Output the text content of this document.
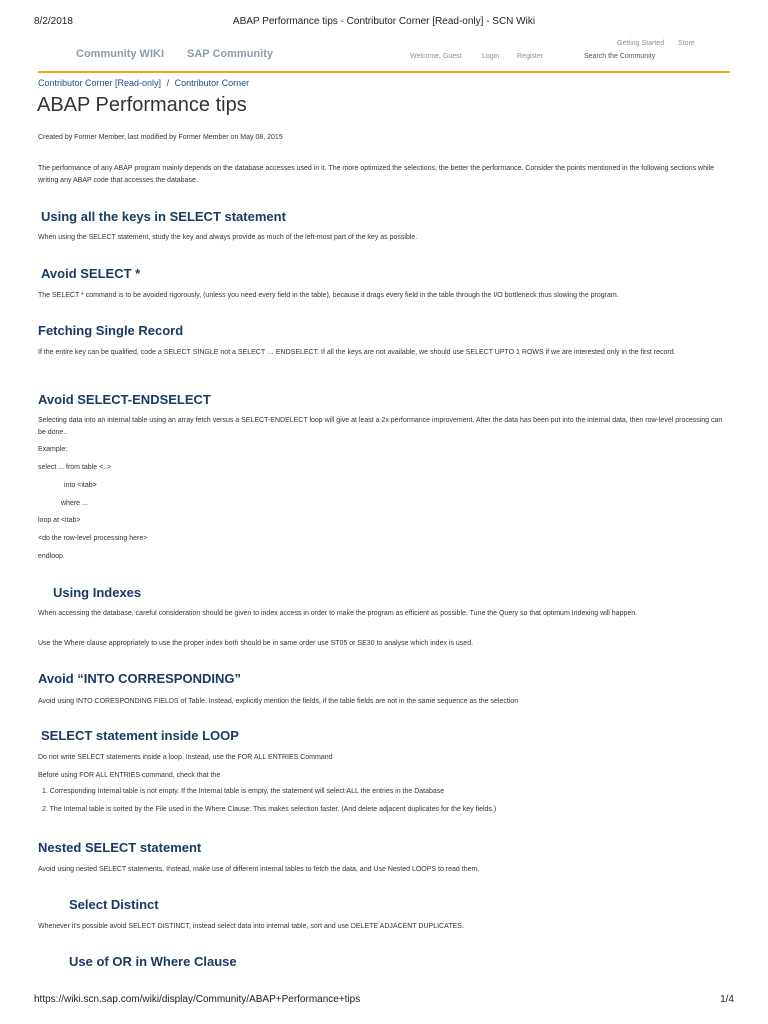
8/2/2018	ABAP Performance tips - Contributor Corner [Read-only] - SCN Wiki
Community WIKI SAP Community	Welcome, Guest	Login	Register
Getting Started Store
Search the Community
Contributor Corner [Read-only] / Contributor Corner
ABAP Performance tips
Created by Former Member, last modified by Former Member on May 08, 2015

The performance of any ABAP program mainly depends on the database accesses used in it. The more optimized the selections, the better the performance. Consider the points mentioned in the following sections while writing any ABAP code that accesses the database.

Using all the keys in SELECT statement

When using the SELECT statement, study the key and always provide as much of the left-most part of the key as possible.

Avoid SELECT *

The SELECT * command is to be avoided rigorously, (unless you need every field in the table), because it drags every field in the table through the I/O bottleneck thus slowing the program.

Fetching Single Record

If the entire key can be qualified, code a SELECT SINGLE not a SELECT … ENDSELECT. If all the keys are not available, we should use SELECT UPTO 1 ROWS if we are interested only in the first record.

Avoid SELECT-ENDSELECT

Selecting data into an internal table using an array fetch versus a SELECT-ENDELECT loop will give at least a 2x performance improvement. After the data has been put into the internal data, then row-level processing can be done..

Example:
select ... from table <..>
into <itab>
where ...
loop at <itab>
<do the row-level processing here>
endloop.
Using Indexes

When accessing the database, careful consideration should be given to index access in order to make the program as efficient as possible. Tune the Query so that optimum Indexing will happen.

Use the Where clause appropriately to use the proper index both should be in same order use ST05 or SE30 to analyse which index is used.

Avoid “INTO CORRESPONDING”

Avoid using INTO CORESPONDING FIELDS of Table. Instead, explicitly mention the fields, if the table fields are not in the same sequence as the selection

SELECT statement inside LOOP

Do not write SELECT statements inside a loop. Instead, use the FOR ALL ENTRIES Command

Before using FOR ALL ENTRIES command, check that the

1. Corresponding Internal table is not empty. If the Internal table is empty, the statement will select ALL the entries in the Database
2. The Internal table is sorted by the File used in the Where Clause: This makes selection faster. (And delete adjacent duplicates for the key fields.)
Nested SELECT statement

Avoid using nested SELECT statements. Instead, make use of different internal tables to fetch the data, and Use Nested LOOPS to read them.

Select Distinct

Whenever it's possible avoid SELECT DISTINCT, instead select data into internal table, sort and use DELETE ADJACENT DUPLICATES.

Use of OR in Where Clause
https://wiki.scn.sap.com/wiki/display/Community/ABAP+Performance+tips	1/4
